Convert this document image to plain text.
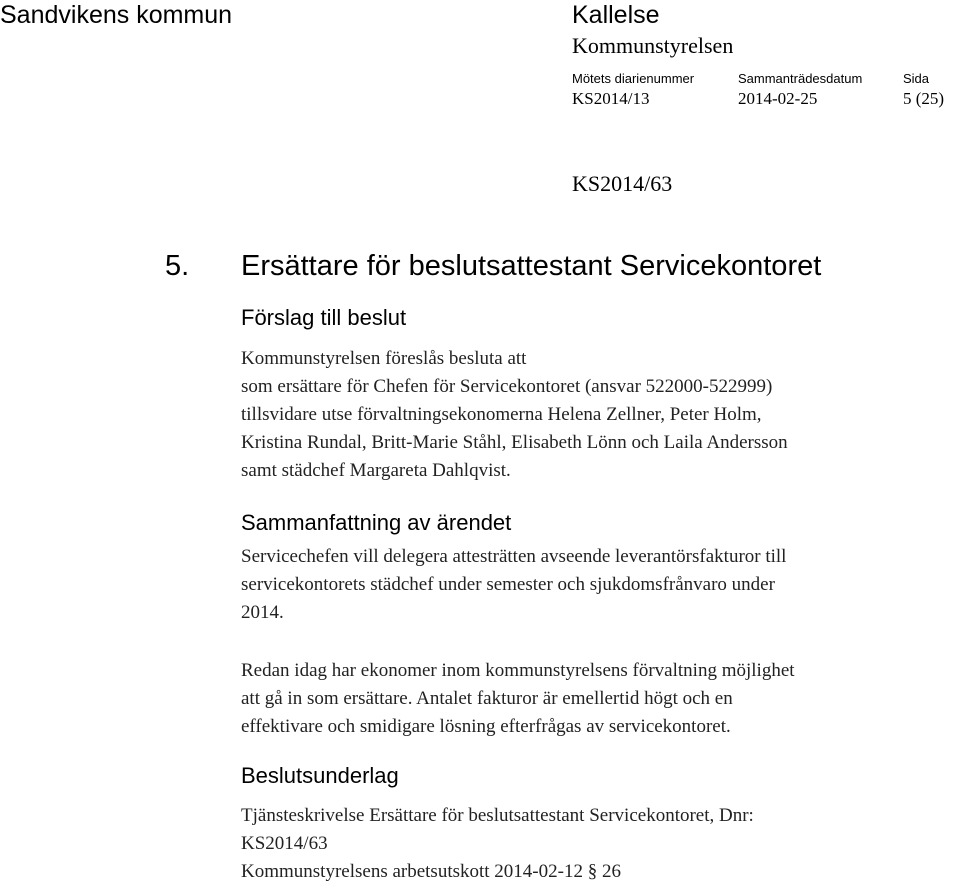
Sandvikens kommun	Kallelse
Kommunstyrelsen
Mötets diarienummer	Sammanträdesdatum	Sida
KS2014/13	2014-02-25	5 (25)
KS2014/63
5. Ersättare för beslutsattestant Servicekontoret
Förslag till beslut
Kommunstyrelsen föreslås besluta att
som ersättare för Chefen för Servicekontoret (ansvar 522000-522999)
tillsvidare utse förvaltningsekonomerna Helena Zellner, Peter Holm,
Kristina Rundal, Britt-Marie Ståhl, Elisabeth Lönn och Laila Andersson
samt städchef Margareta Dahlqvist.
Sammanfattning av ärendet
Servicechefen vill delegera attesträtten avseende leverantörsfakturor till
servicekontorets städchef under semester och sjukdomsfrånvaro under
2014.
Redan idag har ekonomer inom kommunstyrelsens förvaltning möjlighet
att gå in som ersättare. Antalet fakturor är emellertid högt och en
effektivare och smidigare lösning efterfrågas av servicekontoret.
Beslutsunderlag
Tjänsteskrivelse Ersättare för beslutsattestant Servicekontoret, Dnr:
KS2014/63
Kommunstyrelsens arbetsutskott 2014-02-12 § 26
